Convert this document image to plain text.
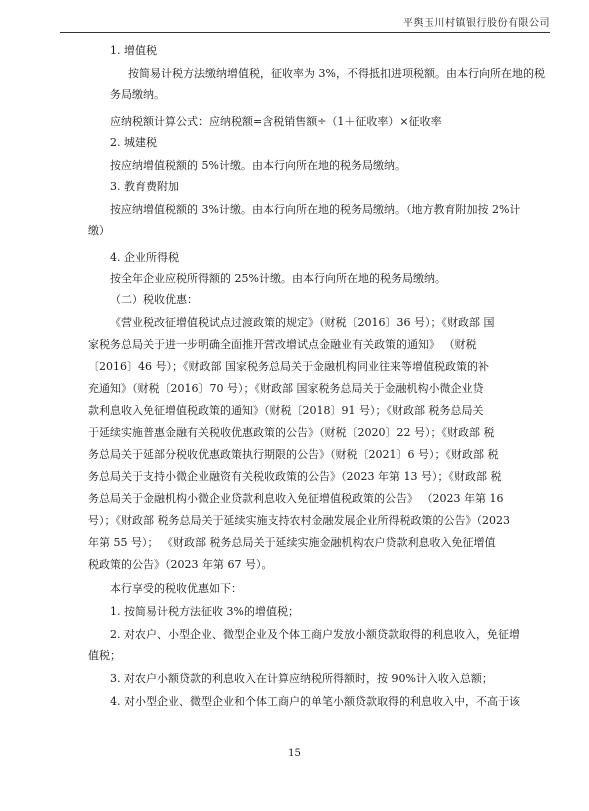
平舆玉川村镇银行股份有限公司
1. 增值税
按简易计税方法缴纳增值税，征收率为 3%，不得抵扣进项税额。由本行向所在地的税
务局缴纳。
应纳税额计算公式：应纳税额=含税销售额÷（1＋征收率）×征收率
2. 城建税
按应纳增值税额的 5%计缴。由本行向所在地的税务局缴纳。
3. 教育费附加
按应纳增值税额的 3%计缴。由本行向所在地的税务局缴纳。（地方教育附加按 2%计
缴）
4. 企业所得税
按全年企业应税所得额的 25%计缴。由本行向所在地的税务局缴纳。
（二）税收优惠：
《营业税改征增值税试点过渡政策的规定》（财税〔2016〕36 号）；《财政部 国
家税务总局关于进一步明确全面推开营改增试点金融业有关政策的通知》 （财税
〔2016〕46 号）；《财政部 国家税务总局关于金融机构同业往来等增值税政策的补
充通知》（财税〔2016〕70 号）；《财政部 国家税务总局关于金融机构小微企业贷
款利息收入免征增值税政策的通知》（财税〔2018〕91 号）；《财政部 税务总局关
于延续实施普惠金融有关税收优惠政策的公告》（财税〔2020〕22 号）；《财政部 税
务总局关于延部分税收优惠政策执行期限的公告》（财税〔2021〕6 号）；《财政部 税
务总局关于支持小微企业融资有关税收政策的公告》（2023 年第 13 号）；《财政部 税
务总局关于金融机构小微企业贷款利息收入免征增值税政策的公告》 （2023 年第 16
号）；《财政部 税务总局关于延续实施支持农村金融发展企业所得税政策的公告》（2023
年第 55 号）； 《财政部 税务总局关于延续实施金融机构农户贷款利息收入免征增值
税政策的公告》（2023 年第 67 号）。
本行享受的税收优惠如下：
1. 按简易计税方法征收 3%的增值税；
2. 对农户、小型企业、微型企业及个体工商户发放小额贷款取得的利息收入，免征增
值税；
3. 对农户小额贷款的利息收入在计算应纳税所得额时，按 90%计入收入总额；
4. 对小型企业、微型企业和个体工商户的单笔小额贷款取得的利息收入中，不高于该
15
